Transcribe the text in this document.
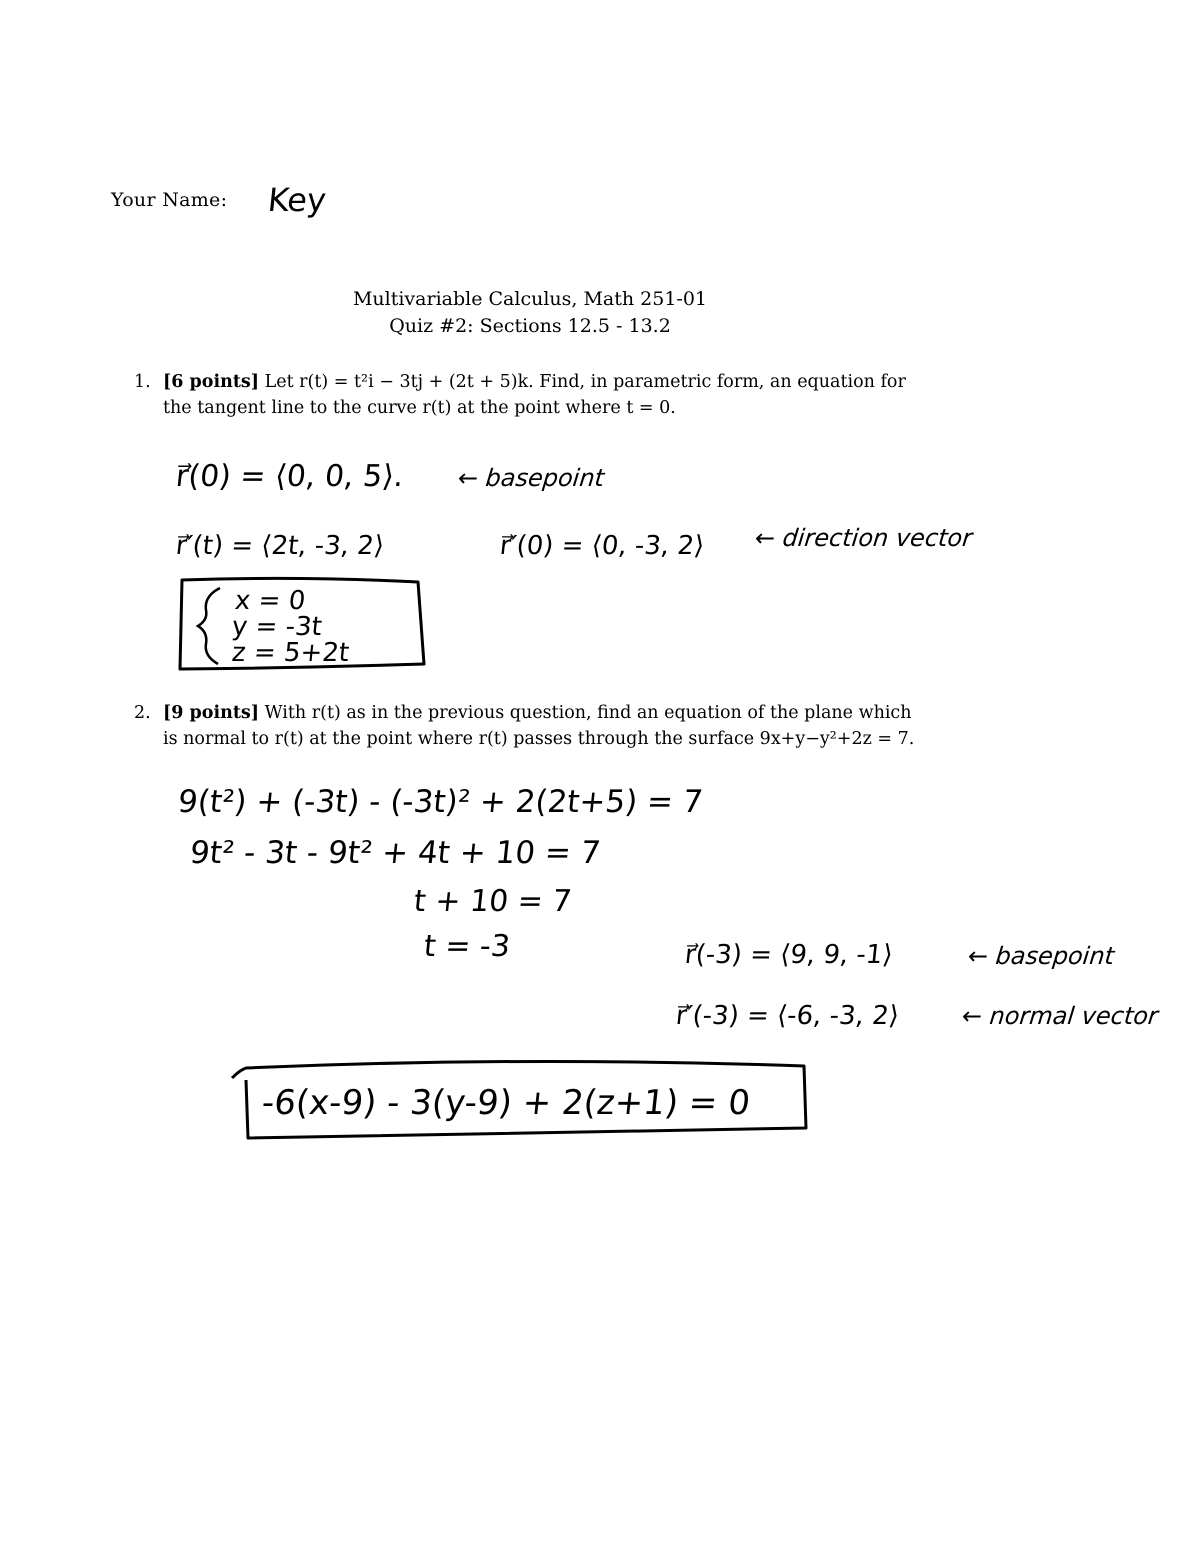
Your Name: Key
Multivariable Calculus, Math 251-01
Quiz #2: Sections 12.5 - 13.2
1. [6 points] Let r(t) = t²i − 3tj + (2t + 5)k. Find, in parametric form, an equation for
the tangent line to the curve r(t) at the point where t = 0.
r⃗(0) = ⟨0, 0, 5⟩. ← basepoint
r⃗′(t) = ⟨2t, -3, 2⟩	r⃗′(0) = ⟨0, -3, 2⟩ ← direction vector
x = 0
y = -3t
z = 5+2t
2. [9 points] With r(t) as in the previous question, find an equation of the plane which
is normal to r(t) at the point where r(t) passes through the surface 9x+y−y²+2z = 7.
9(t²) + (-3t) - (-3t)² + 2(2t+5) = 7
9t² - 3t - 9t² + 4t + 10 = 7
t + 10 = 7
t = -3	r⃗(-3) = ⟨9, 9, -1⟩	← basepoint
r⃗′(-3) = ⟨-6, -3, 2⟩	← normal vector
-6(x-9) - 3(y-9) + 2(z+1) = 0
